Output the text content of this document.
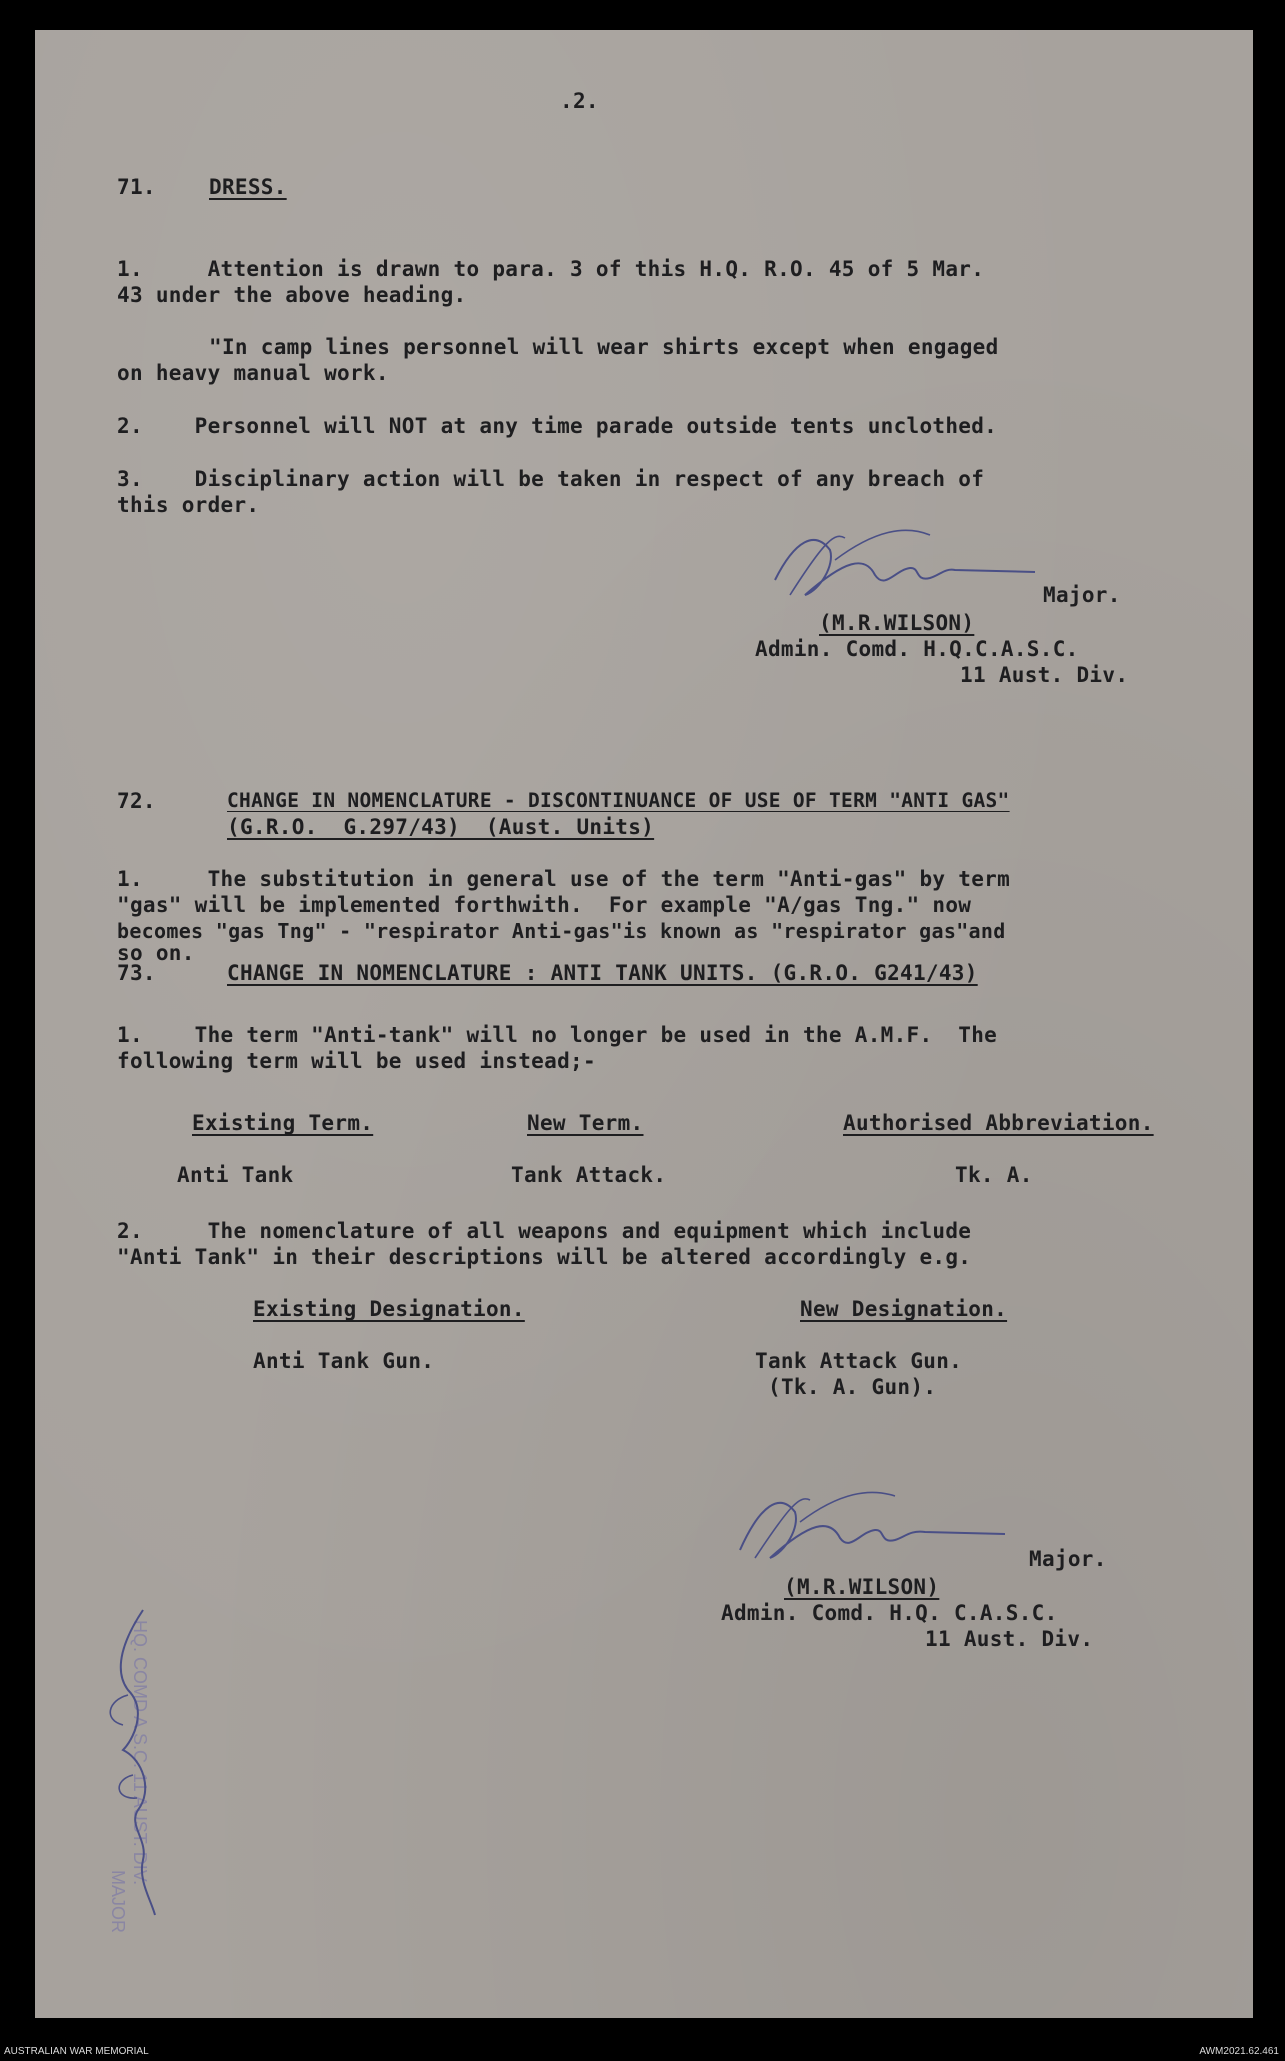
.2.
71.	DRESS.
1.     Attention is drawn to para. 3 of this H.Q. R.O. 45 of 5 Mar.
43 under the above heading.
"In camp lines personnel will wear shirts except when engaged
on heavy manual work.
2.    Personnel will NOT at any time parade outside tents unclothed.
3.    Disciplinary action will be taken in respect of any breach of
this order.
Major.
(M.R.WILSON)
Admin. Comd. H.Q.C.A.S.C.
11 Aust. Div.
72.	CHANGE IN NOMENCLATURE - DISCONTINUANCE OF USE OF TERM "ANTI GAS"
(G.R.O.  G.297/43)  (Aust. Units)
1.     The substitution in general use of the term "Anti-gas" by term
"gas" will be implemented forthwith.  For example "A/gas Tng." now
becomes "gas Tng" - "respirator Anti-gas"is known as "respirator gas"and
so on.
73.	CHANGE IN NOMENCLATURE : ANTI TANK UNITS. (G.R.O. G241/43)
1.    The term "Anti-tank" will no longer be used in the A.M.F.  The
following term will be used instead;-
Existing Term.	New Term.	Authorised Abbreviation.
Anti Tank	Tank Attack.	Tk. A.
2.     The nomenclature of all weapons and equipment which include
"Anti Tank" in their descriptions will be altered accordingly e.g.
Existing Designation.	New Designation.
Anti Tank Gun.	Tank Attack Gun.
(Tk. A. Gun).
Major.
(M.R.WILSON)
Admin. Comd. H.Q. C.A.S.C.
11 Aust. Div.
HQ. COMD A.S.C. 11 AUST. DIV.
MAJOR
AUSTRALIAN WAR MEMORIAL	AWM2021.62.461
